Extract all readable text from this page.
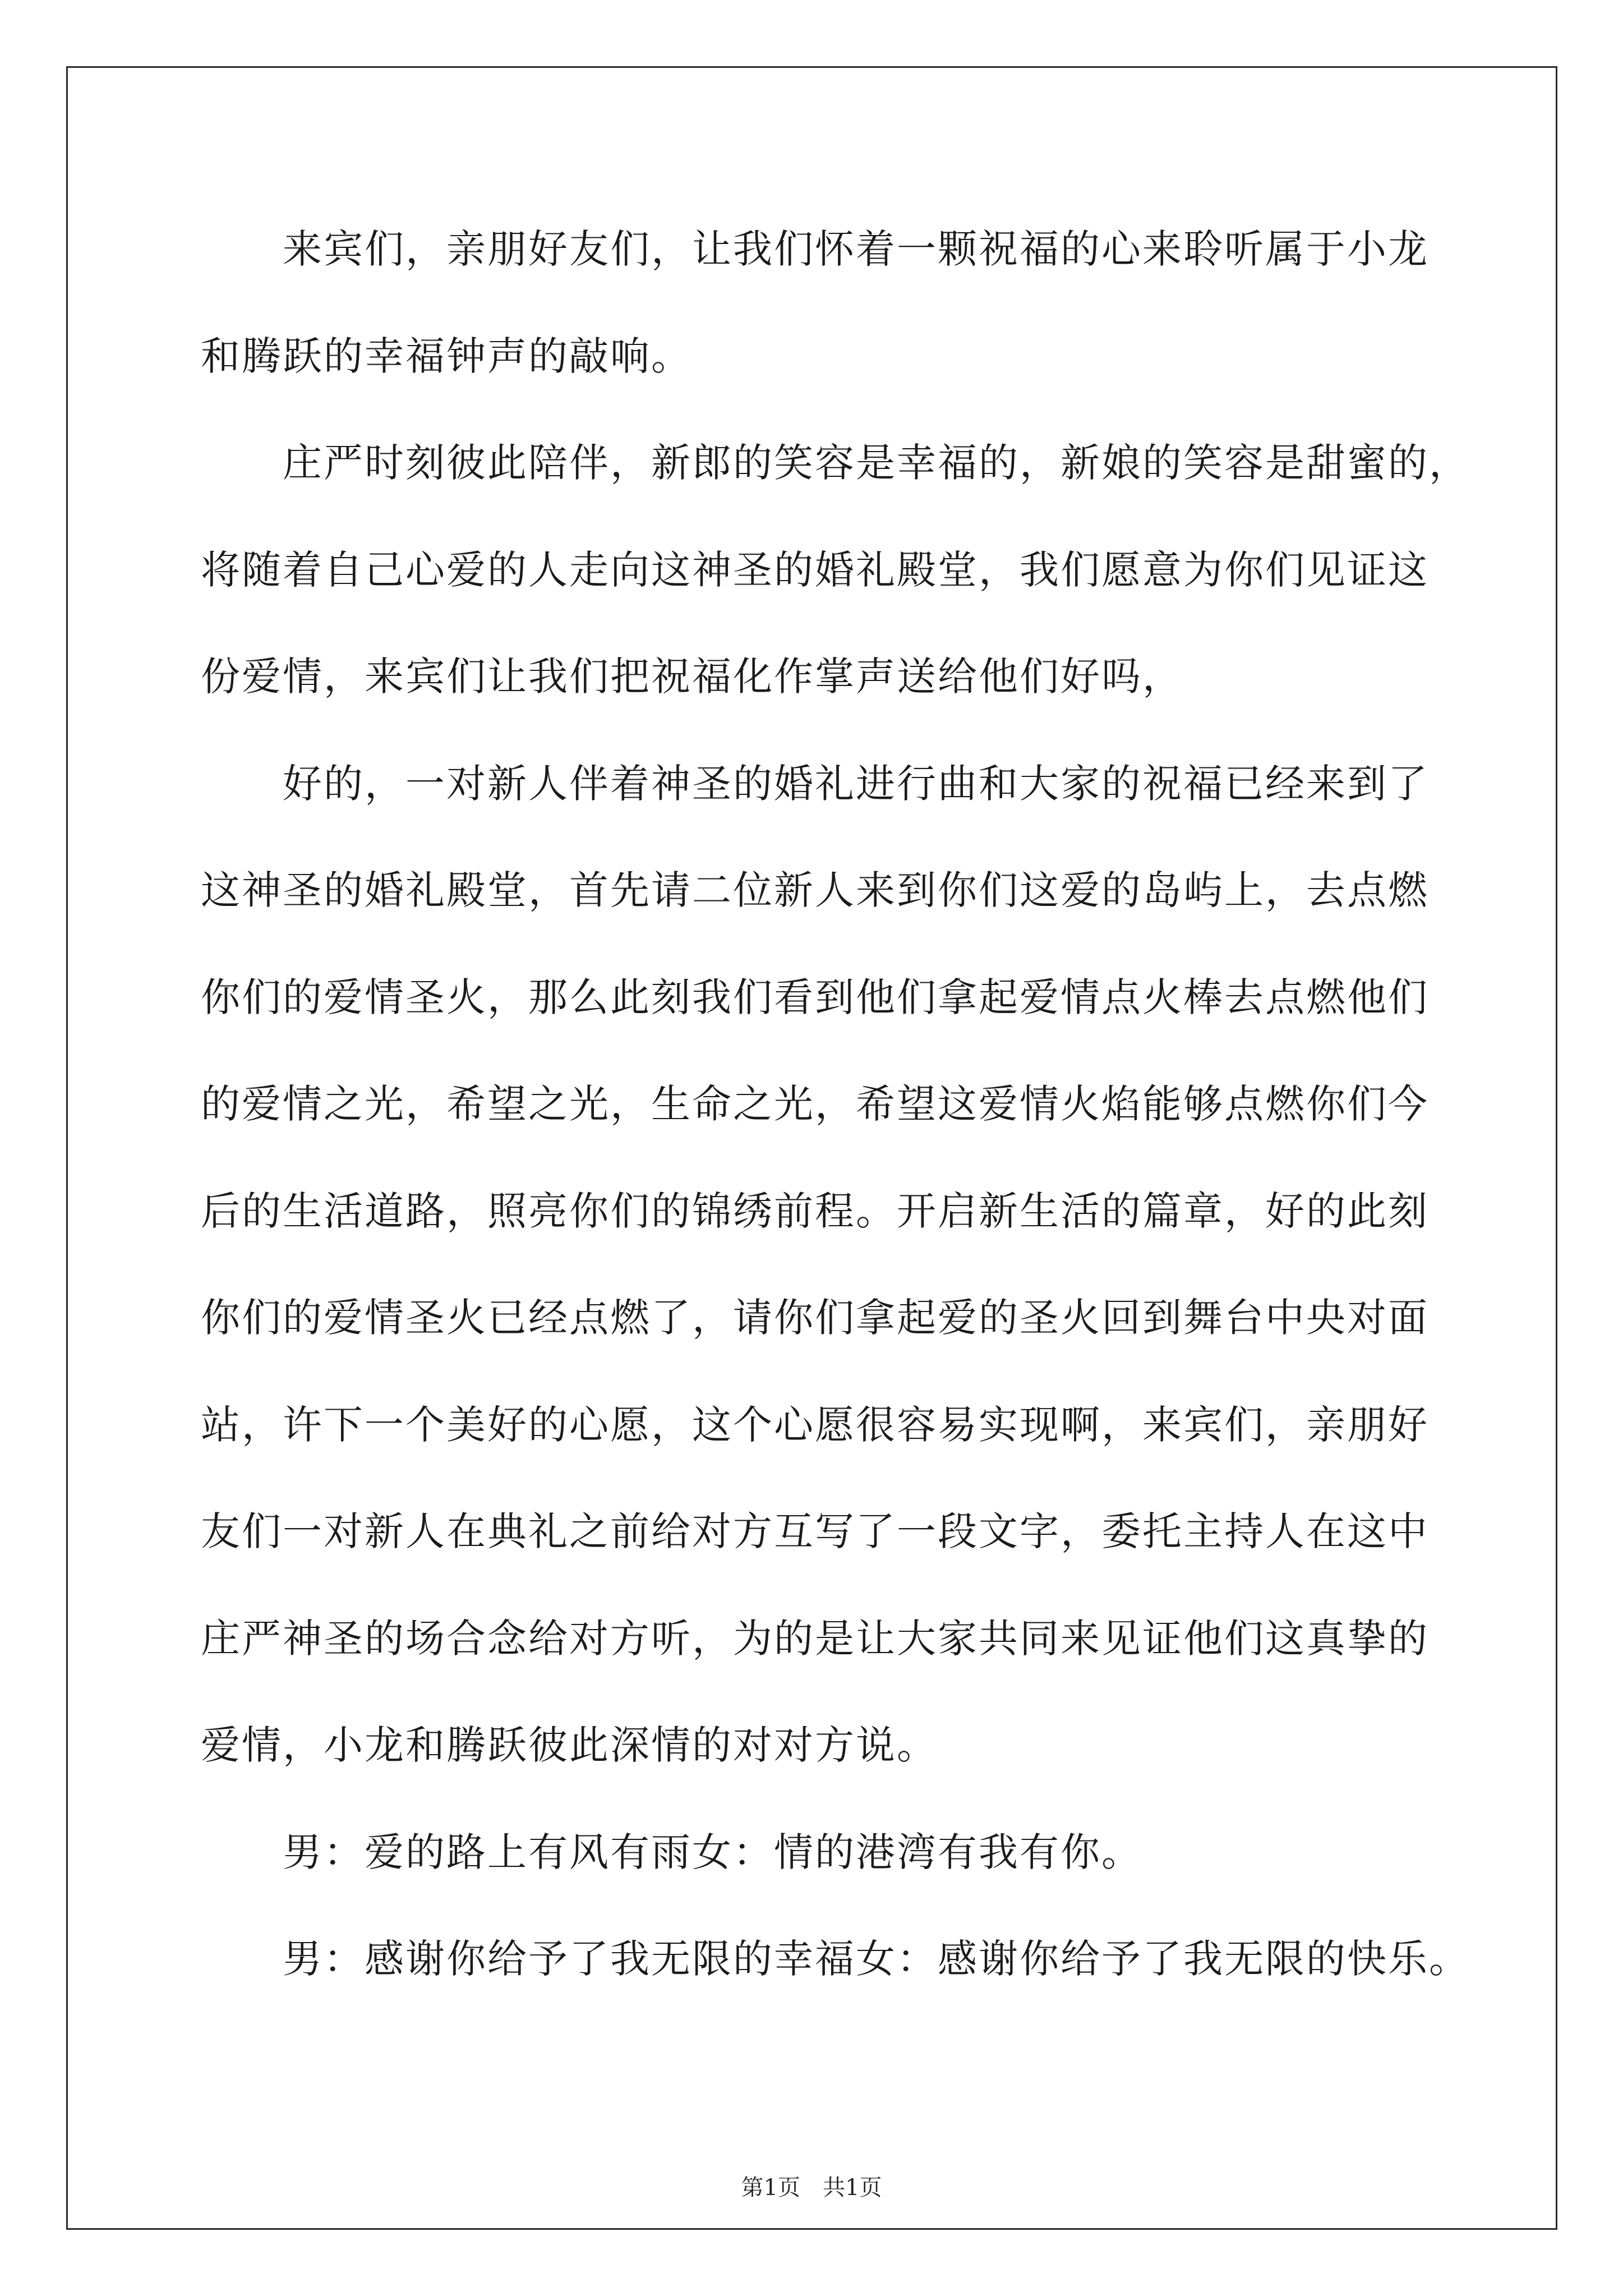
来宾们，亲朋好友们，让我们怀着一颗祝福的心来聆听属于小龙
和腾跃的幸福钟声的敲响。
庄严时刻彼此陪伴，新郎的笑容是幸福的，新娘的笑容是甜蜜的，
将随着自己心爱的人走向这神圣的婚礼殿堂，我们愿意为你们见证这
份爱情，来宾们让我们把祝福化作掌声送给他们好吗，
好的，一对新人伴着神圣的婚礼进行曲和大家的祝福已经来到了
这神圣的婚礼殿堂，首先请二位新人来到你们这爱的岛屿上，去点燃
你们的爱情圣火，那么此刻我们看到他们拿起爱情点火棒去点燃他们
的爱情之光，希望之光，生命之光，希望这爱情火焰能够点燃你们今
后的生活道路，照亮你们的锦绣前程。开启新生活的篇章，好的此刻
你们的爱情圣火已经点燃了，请你们拿起爱的圣火回到舞台中央对面
站，许下一个美好的心愿，这个心愿很容易实现啊，来宾们，亲朋好
友们一对新人在典礼之前给对方互写了一段文字，委托主持人在这中
庄严神圣的场合念给对方听，为的是让大家共同来见证他们这真挚的
爱情，小龙和腾跃彼此深情的对对方说。
男：爱的路上有风有雨女：情的港湾有我有你。
男：感谢你给予了我无限的幸福女：感谢你给予了我无限的快乐。
第1页　共1页
